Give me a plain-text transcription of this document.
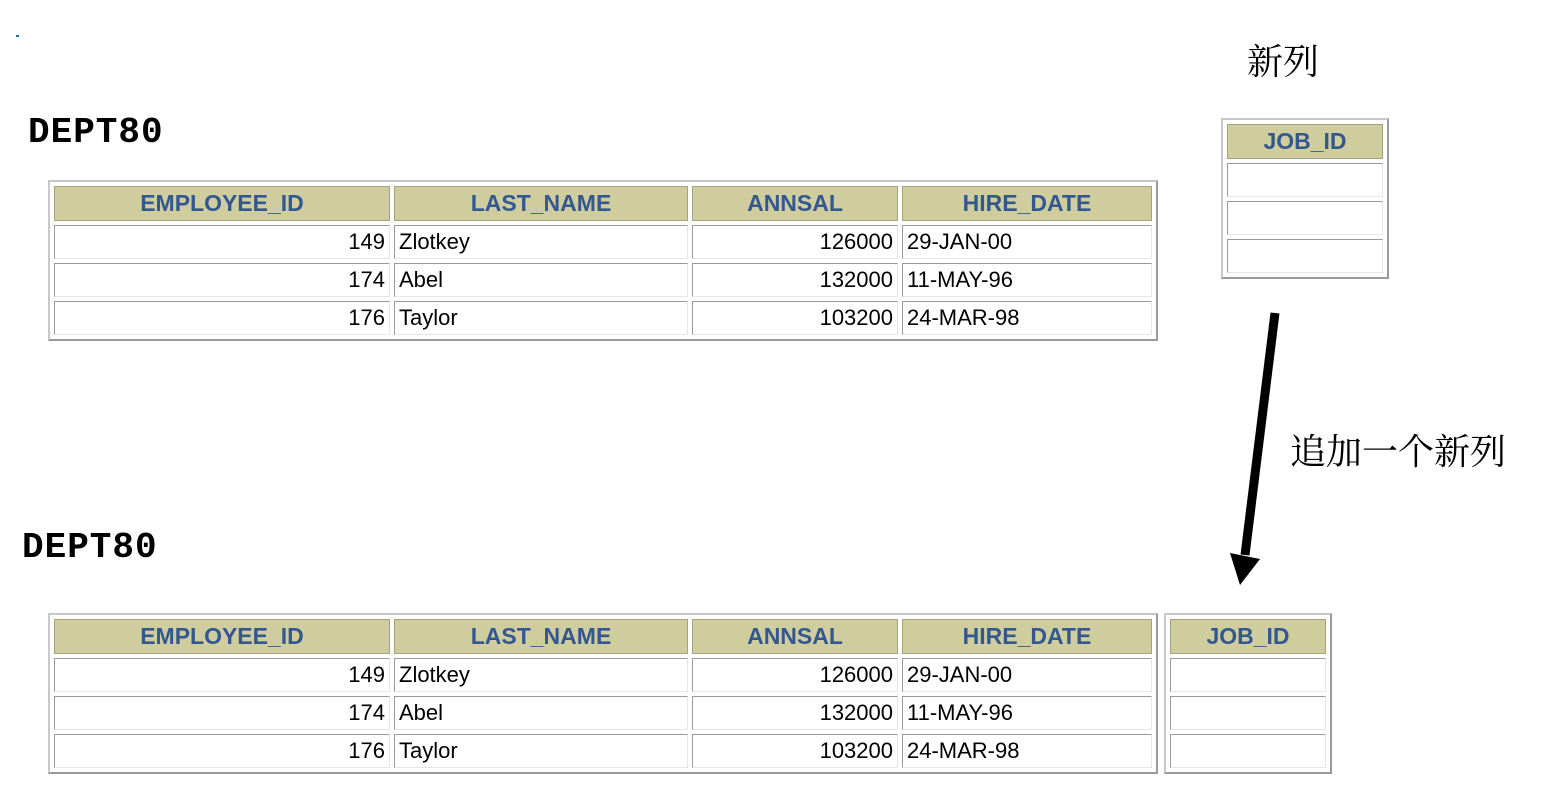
新列
DEPT80
EMPLOYEE_ID	LAST_NAME	ANNSAL	HIRE_DATE
149	Zlotkey	126000	29-JAN-00
174	Abel	132000	11-MAY-96
176	Taylor	103200	24-MAR-98
JOB_ID

追加一个新列
DEPT80
EMPLOYEE_ID	LAST_NAME	ANNSAL	HIRE_DATE
149	Zlotkey	126000	29-JAN-00
174	Abel	132000	11-MAY-96
176	Taylor	103200	24-MAR-98
JOB_ID
